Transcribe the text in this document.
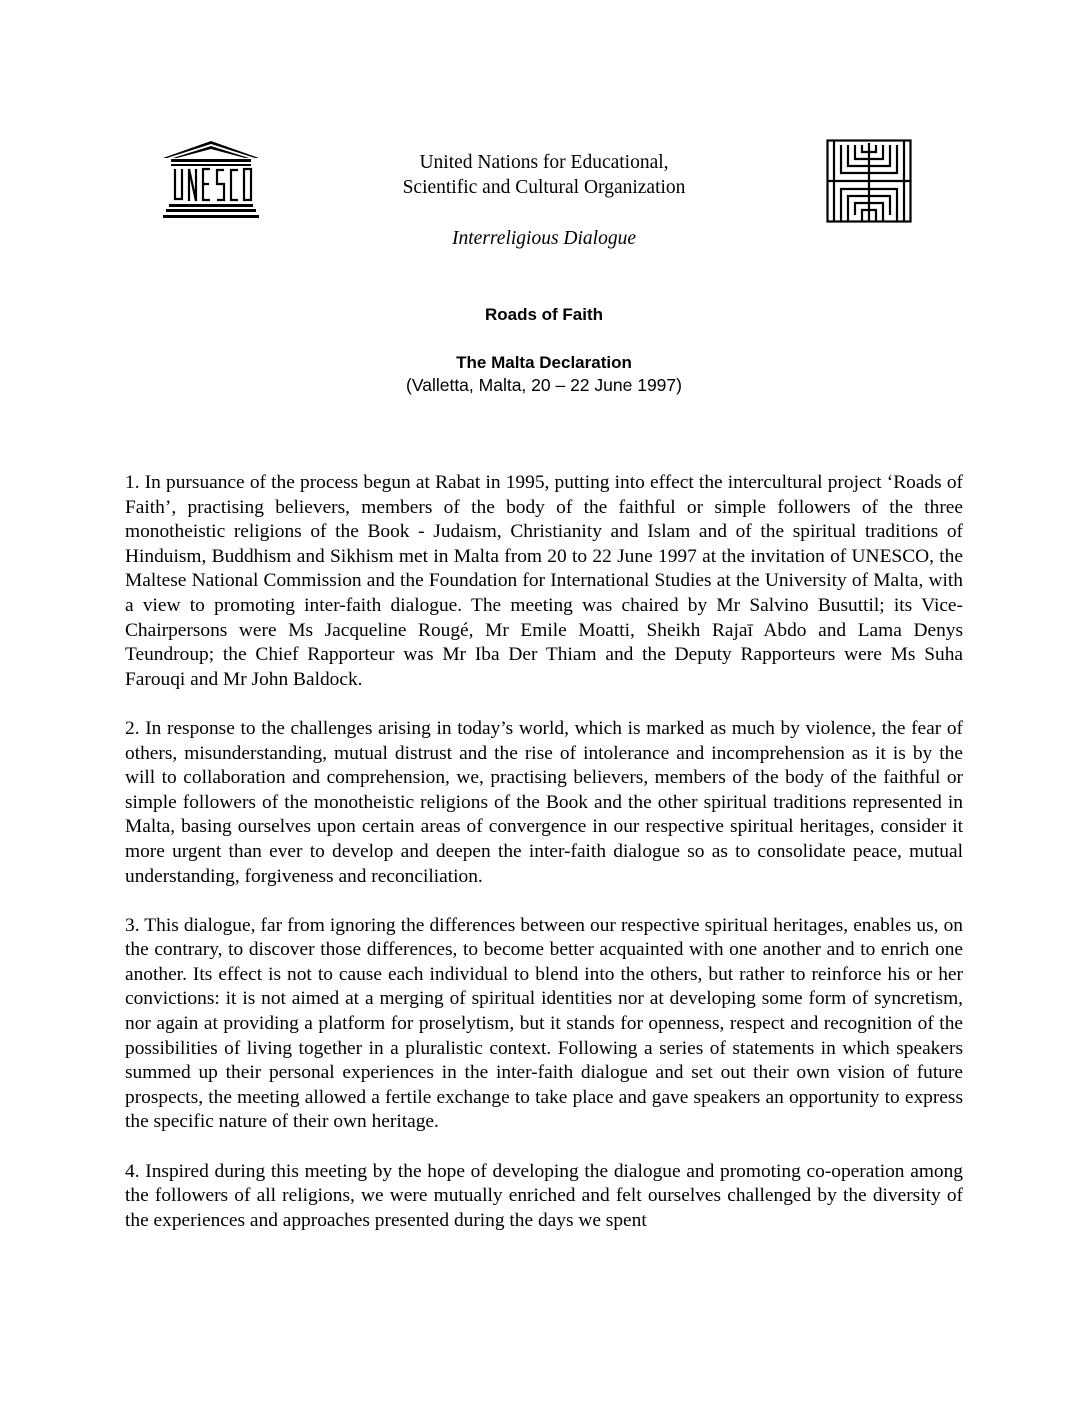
United Nations for Educational,
Scientific and Cultural Organization
Interreligious Dialogue
Roads of Faith
The Malta Declaration
(Valletta, Malta, 20 – 22 June 1997)

1. In pursuance of the process begun at Rabat in 1995, putting into effect the intercultural project ‘Roads of Faith’, practising believers, members of the body of the faithful or simple followers of the three monotheistic religions of the Book - Judaism, Christianity and Islam and of the spiritual traditions of Hinduism, Buddhism and Sikhism met in Malta from 20 to 22 June 1997 at the invitation of UNESCO, the Maltese National Commission and the Foundation for International Studies at the University of Malta, with a view to promoting inter-faith dialogue. The meeting was chaired by Mr Salvino Busuttil; its Vice-Chairpersons were Ms Jacqueline Rougé, Mr Emile Moatti, Sheikh Rajaī Abdo and Lama Denys Teundroup; the Chief Rapporteur was Mr Iba Der Thiam and the Deputy Rapporteurs were Ms Suha Farouqi and Mr John Baldock.

2. In response to the challenges arising in today’s world, which is marked as much by violence, the fear of others, misunderstanding, mutual distrust and the rise of intolerance and incomprehension as it is by the will to collaboration and comprehension, we, practising believers, members of the body of the faithful or simple followers of the monotheistic religions of the Book and the other spiritual traditions represented in Malta, basing ourselves upon certain areas of convergence in our respective spiritual heritages, consider it more urgent than ever to develop and deepen the inter-faith dialogue so as to consolidate peace, mutual understanding, forgiveness and reconciliation.

3. This dialogue, far from ignoring the differences between our respective spiritual heritages, enables us, on the contrary, to discover those differences, to become better acquainted with one another and to enrich one another. Its effect is not to cause each individual to blend into the others, but rather to reinforce his or her convictions: it is not aimed at a merging of spiritual identities nor at developing some form of syncretism, nor again at providing a platform for proselytism, but it stands for openness, respect and recognition of the possibilities of living together in a pluralistic context. Following a series of statements in which speakers summed up their personal experiences in the inter-faith dialogue and set out their own vision of future prospects, the meeting allowed a fertile exchange to take place and gave speakers an opportunity to express the specific nature of their own heritage.

4. Inspired during this meeting by the hope of developing the dialogue and promoting co-operation among the followers of all religions, we were mutually enriched and felt ourselves challenged by the diversity of the experiences and approaches presented during the days we spent
